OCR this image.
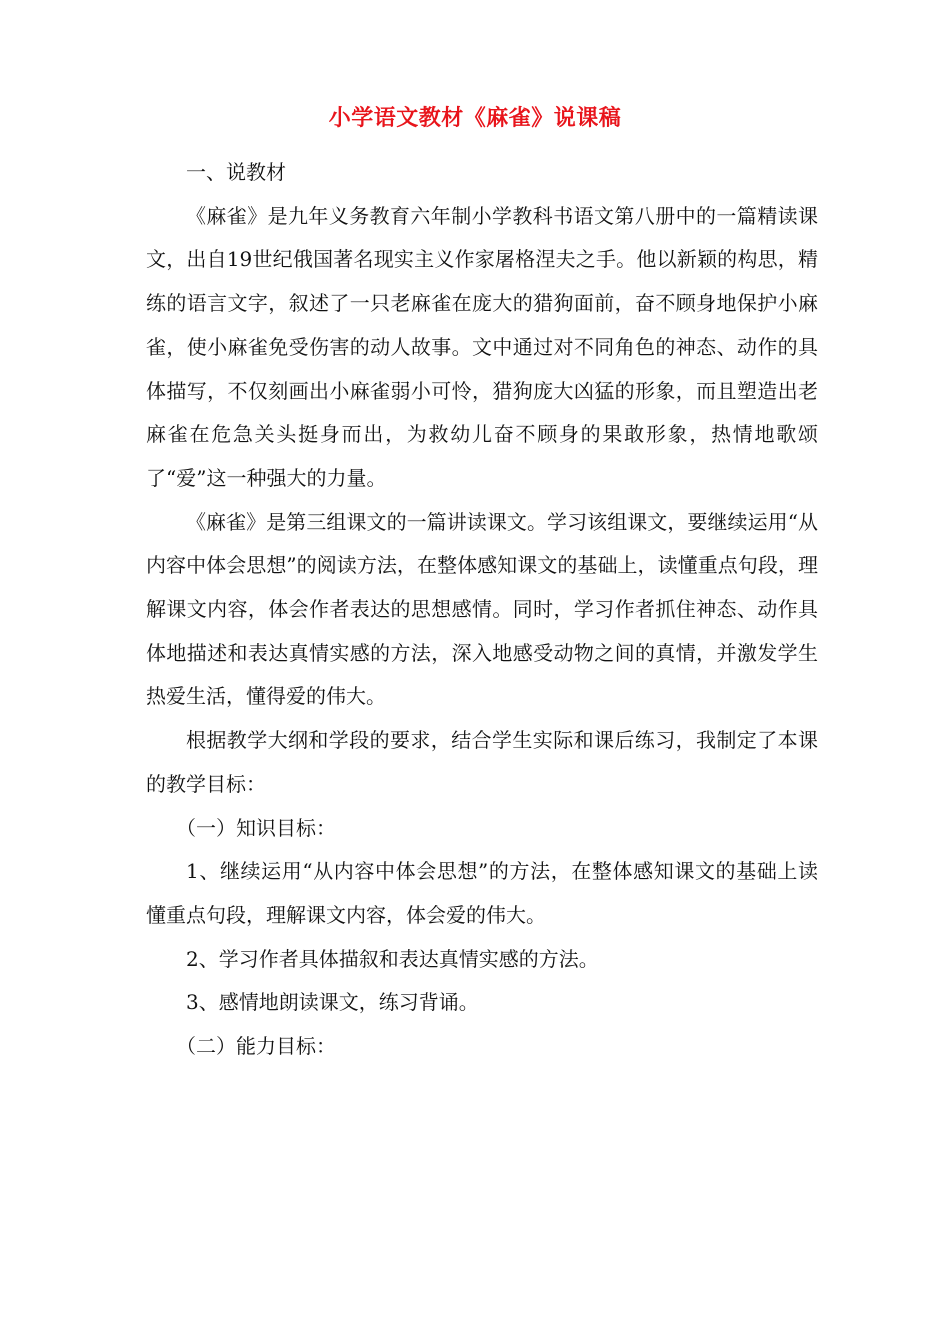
小学语文教材《麻雀》说课稿

一、说教材

《麻雀》是九年义务教育六年制小学教科书语文第八册中的一篇精读课文，出自19世纪俄国著名现实主义作家屠格涅夫之手。他以新颖的构思，精练的语言文字，叙述了一只老麻雀在庞大的猎狗面前，奋不顾身地保护小麻雀，使小麻雀免受伤害的动人故事。文中通过对不同角色的神态、动作的具体描写，不仅刻画出小麻雀弱小可怜，猎狗庞大凶猛的形象，而且塑造出老麻雀在危急关头挺身而出，为救幼儿奋不顾身的果敢形象，热情地歌颂了“爱”这一种强大的力量。

《麻雀》是第三组课文的一篇讲读课文。学习该组课文，要继续运用“从内容中体会思想”的阅读方法，在整体感知课文的基础上，读懂重点句段，理解课文内容，体会作者表达的思想感情。同时，学习作者抓住神态、动作具体地描述和表达真情实感的方法，深入地感受动物之间的真情，并激发学生热爱生活，懂得爱的伟大。

根据教学大纲和学段的要求，结合学生实际和课后练习，我制定了本课的教学目标：

（一）知识目标：

1、继续运用“从内容中体会思想”的方法，在整体感知课文的基础上读懂重点句段，理解课文内容，体会爱的伟大。

2、学习作者具体描叙和表达真情实感的方法。

3、感情地朗读课文，练习背诵。

（二）能力目标：
